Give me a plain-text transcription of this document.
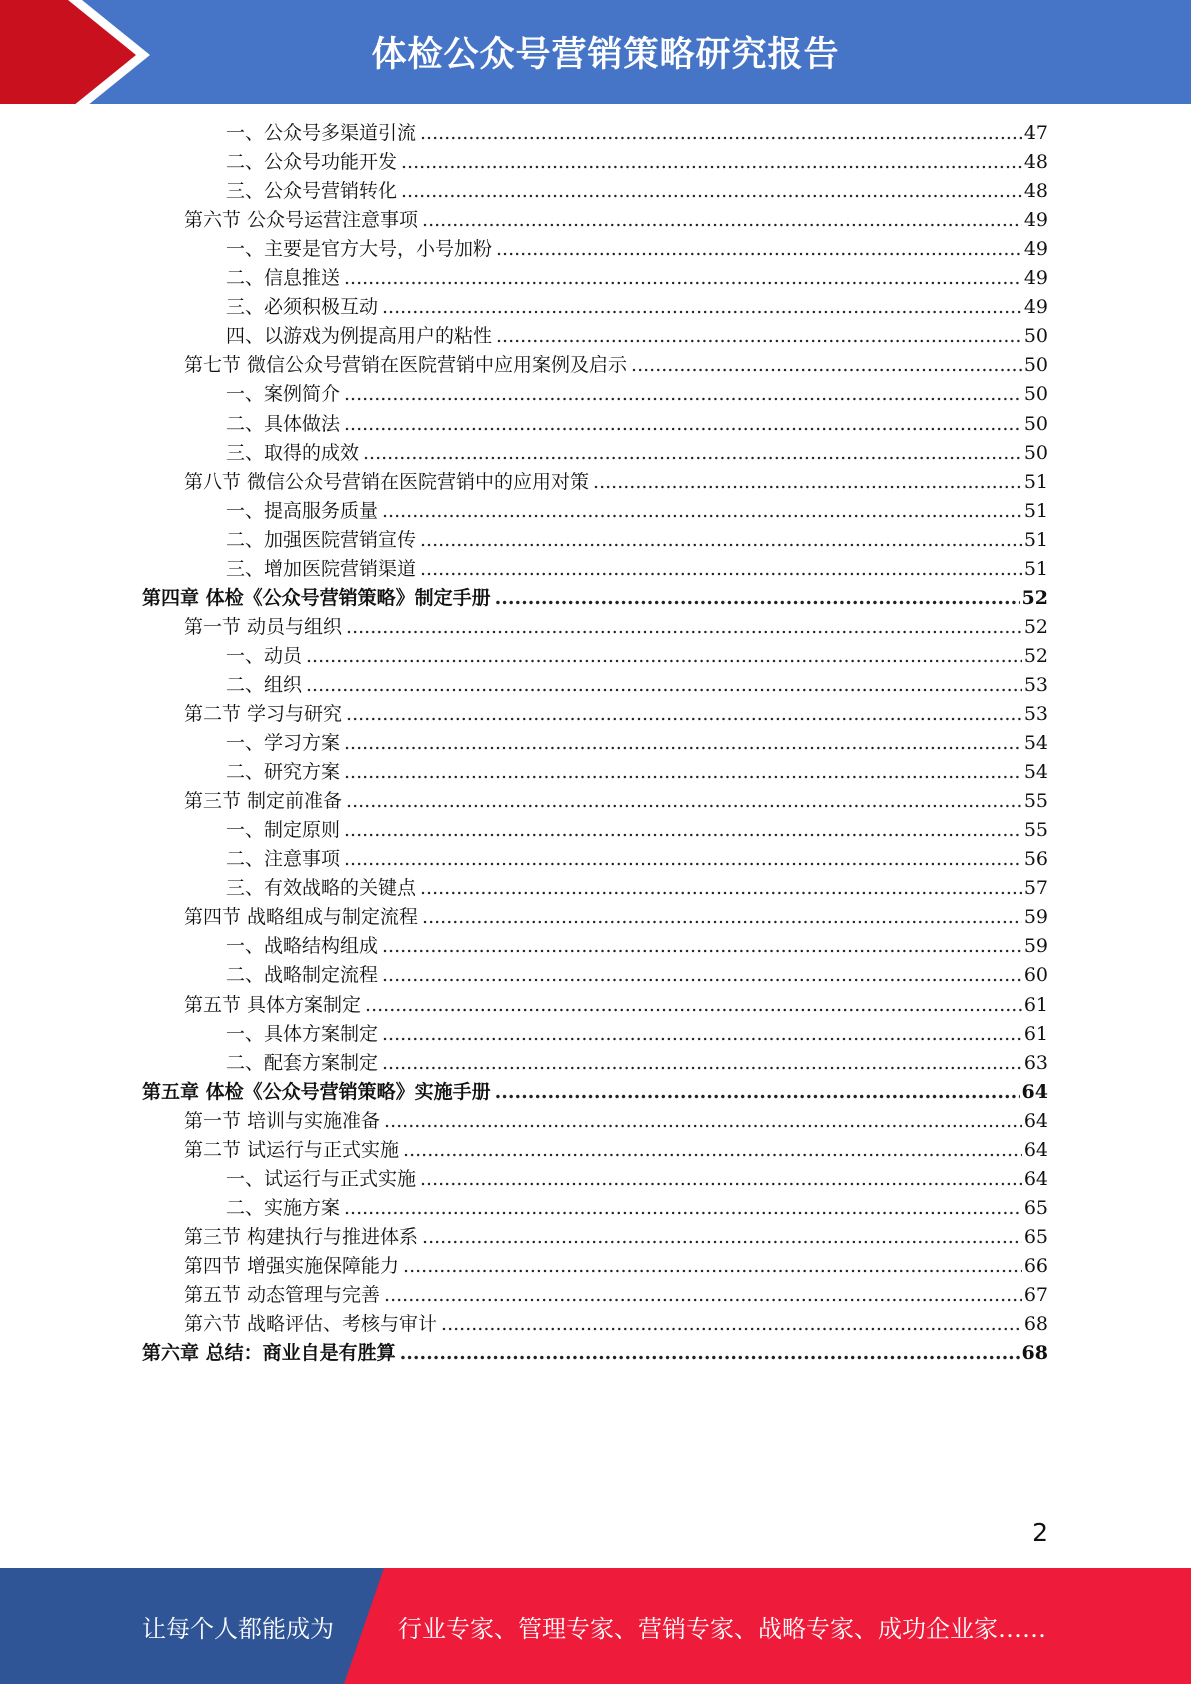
体检公众号营销策略研究报告
一、公众号多渠道引流 .....	47
二、公众号功能开发 .....	48
三、公众号营销转化 .....	48
第六节 公众号运营注意事项 .....	49
一、主要是官方大号，小号加粉 .....	49
二、信息推送 .....	49
三、必须积极互动 .....	49
四、以游戏为例提高用户的粘性 .....	50
第七节 微信公众号营销在医院营销中应用案例及启示 .....	50
一、案例简介 .....	50
二、具体做法 .....	50
三、取得的成效 .....	50
第八节 微信公众号营销在医院营销中的应用对策 .....	51
一、提高服务质量 .....	51
二、加强医院营销宣传 .....	51
三、增加医院营销渠道 .....	51
第四章 体检《公众号营销策略》制定手册 .....	52
第一节 动员与组织 .....	52
一、动员 .....	52
二、组织 .....	53
第二节 学习与研究 .....	53
一、学习方案 .....	54
二、研究方案 .....	54
第三节 制定前准备 .....	55
一、制定原则 .....	55
二、注意事项 .....	56
三、有效战略的关键点 .....	57
第四节 战略组成与制定流程 .....	59
一、战略结构组成 .....	59
二、战略制定流程 .....	60
第五节 具体方案制定 .....	61
一、具体方案制定 .....	61
二、配套方案制定 .....	63
第五章 体检《公众号营销策略》实施手册 .....	64
第一节 培训与实施准备 .....	64
第二节 试运行与正式实施 .....	64
一、试运行与正式实施 .....	64
二、实施方案 .....	65
第三节 构建执行与推进体系 .....	65
第四节 增强实施保障能力 .....	66
第五节 动态管理与完善 .....	67
第六节 战略评估、考核与审计 .....	68
第六章 总结：商业自是有胜算 .....	68
2
让每个人都能成为	行业专家、管理专家、营销专家、战略专家、成功企业家……
